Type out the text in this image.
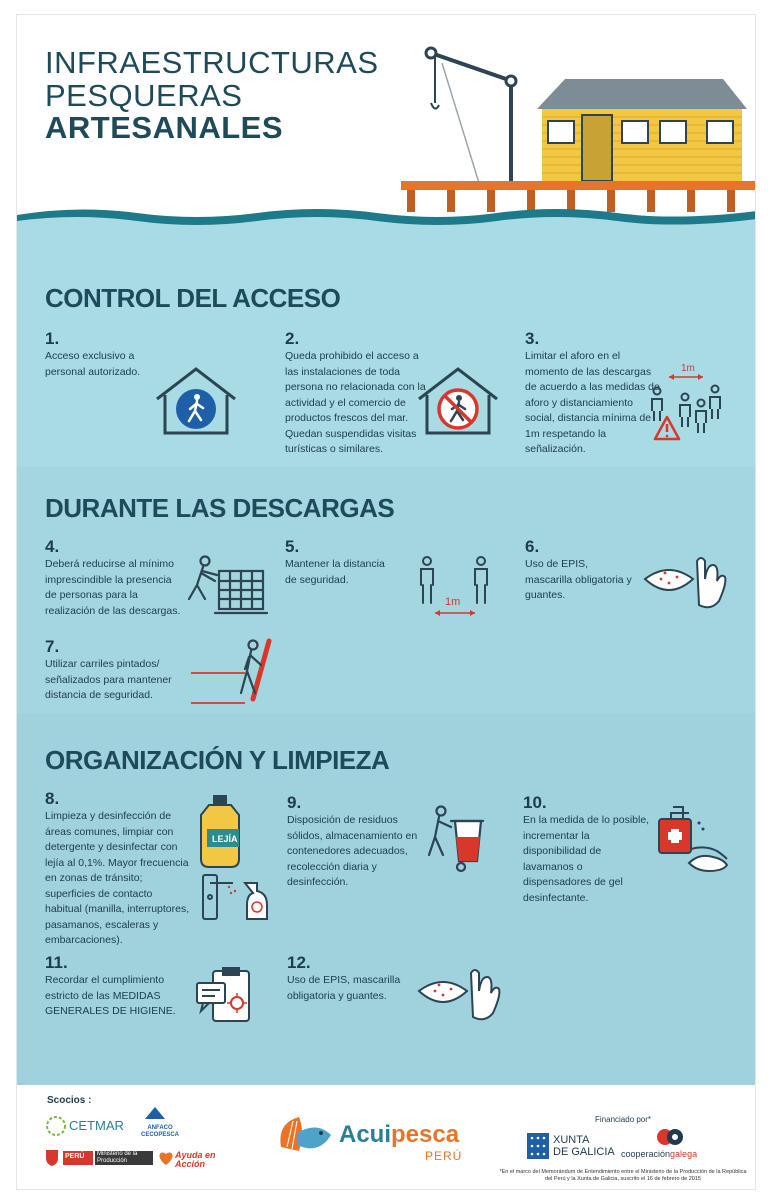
INFRAESTRUCTURAS
PESQUERAS
ARTESANALES
CONTROL DEL ACCESO
1.
Acceso exclusivo a personal autorizado.
2.
Queda prohibido el acceso a las instalaciones de toda persona no relacionada con la actividad y el comercio de productos frescos del mar. Quedan suspendidas visitas turísticas o similares.
3.
Limitar el aforo en el momento de las descargas de acuerdo a las medidas de aforo y distanciamiento social, distancia mínima de 1m respetando la señalización.
1m
DURANTE LAS DESCARGAS
4.
Deberá reducirse al mínimo imprescindible la presencia de personas para la realización de las descargas.
5.
Mantener la distancia de seguridad.
1m
6.
Uso de EPIS, mascarilla obligatoria y guantes.
7.
Utilizar carriles pintados/ señalizados para mantener distancia de seguridad.
ORGANIZACIÓN Y LIMPIEZA
8.
Limpieza y desinfección de áreas comunes, limpiar con detergente y desinfectar con lejía al 0,1%. Mayor frecuencia en zonas de tránsito; superficies de contacto habitual (manilla, interruptores, pasamanos, escaleras y embarcaciones).
LEJÍA
9.
Disposición de residuos sólidos, almacenamiento en contenedores adecuados, recolección diaria y desinfección.
10.
En la medida de lo posible, incrementar la disponibilidad de lavamanos o dispensadores de gel desinfectante.
11.
Recordar el cumplimiento estricto de las MEDIDAS GENERALES DE HIGIENE.
12.
Uso de EPIS, mascarilla obligatoria y guantes.
Scocios :
CETMAR	ANFACO CECOPESCA
PERÚ	Ministerio de la Producción
Ayuda en Acción
Acuipesca
PERÚ
Financiado por*
XUNTA
DE GALICIA cooperacióngalega
*En el marco del Memorándum de Entendimiento entre el Ministerio de la Producción de la República del Perú y la Xunta de Galicia, suscrito el 16 de febrero de 2015
